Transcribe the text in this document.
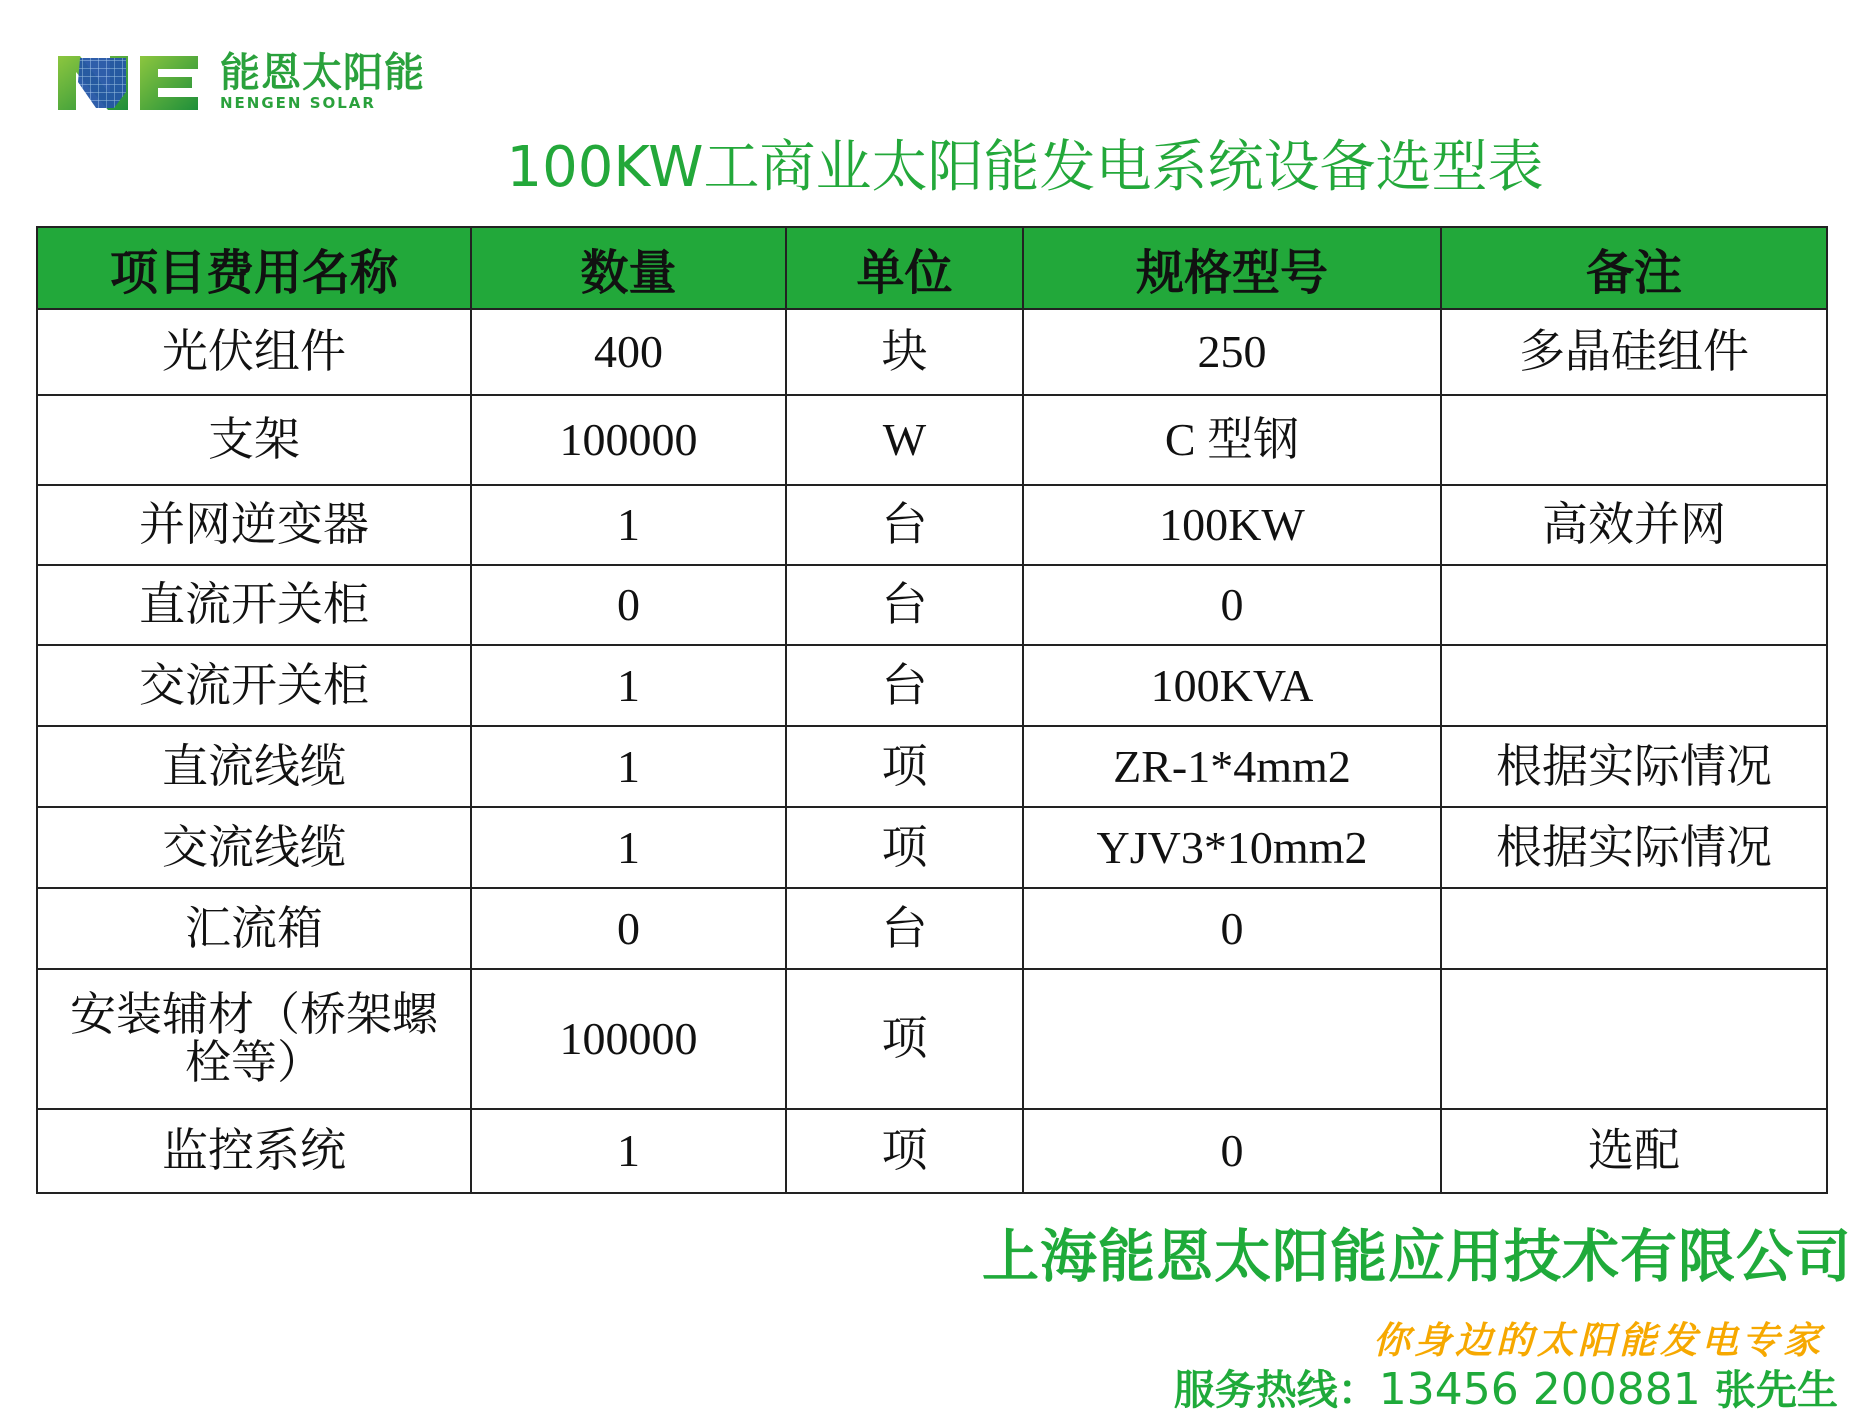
能恩太阳能
NENGEN SOLAR
100KW工商业太阳能发电系统设备选型表
项目费用名称	数量	单位	规格型号	备注
光伏组件	400	块	250	多晶硅组件
支架	100000	W	C 型钢	
并网逆变器	1	台	100KW	高效并网
直流开关柜	0	台	0	
交流开关柜	1	台	100KVA	
直流线缆	1	项	ZR-1*4mm2	根据实际情况
交流线缆	1	项	YJV3*10mm2	根据实际情况
汇流箱	0	台	0	
安装辅材（桥架螺栓等）	100000	项		
监控系统	1	项	0	选配
上海能恩太阳能应用技术有限公司
你身边的太阳能发电专家
服务热线：13456 200881 张先生
